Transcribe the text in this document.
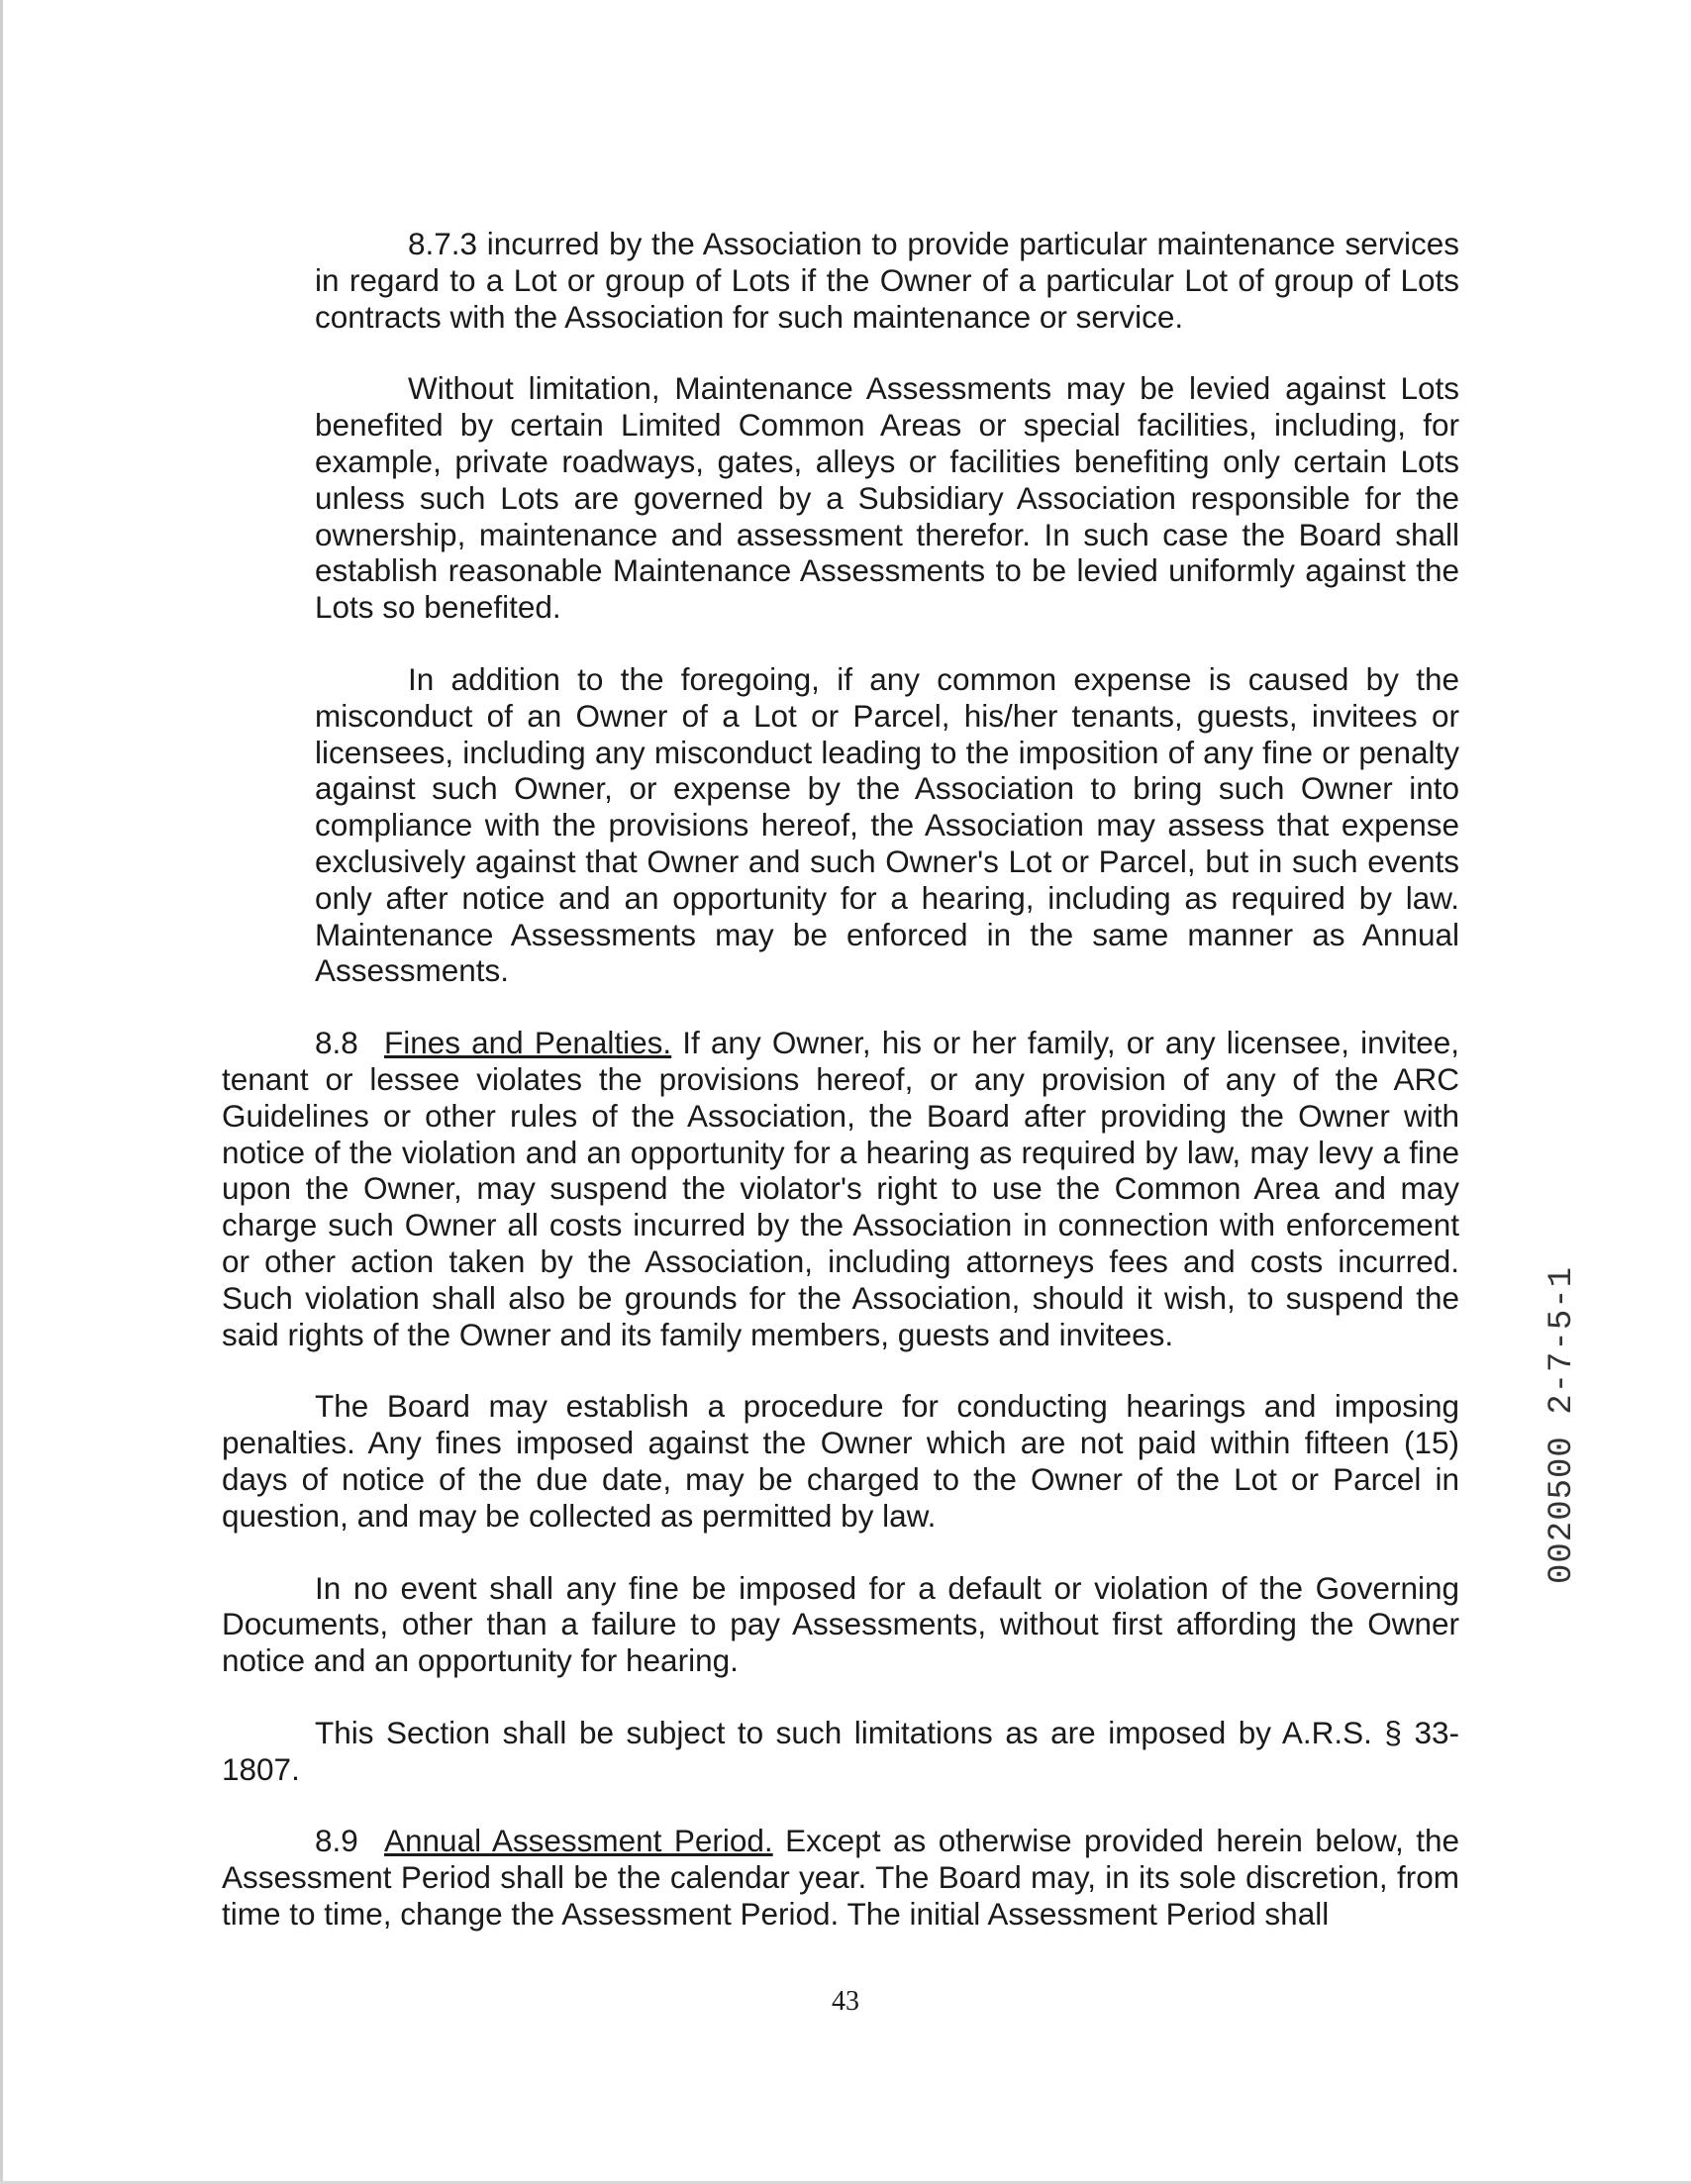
8.7.3 incurred by the Association to provide particular maintenance services in regard to a Lot or group of Lots if the Owner of a particular Lot of group of Lots contracts with the Association for such maintenance or service.

Without limitation, Maintenance Assessments may be levied against Lots benefited by certain Limited Common Areas or special facilities, including, for example, private roadways, gates, alleys or facilities benefiting only certain Lots unless such Lots are governed by a Subsidiary Association responsible for the ownership, maintenance and assessment therefor. In such case the Board shall establish reasonable Maintenance Assessments to be levied uniformly against the Lots so benefited.

In addition to the foregoing, if any common expense is caused by the misconduct of an Owner of a Lot or Parcel, his/her tenants, guests, invitees or licensees, including any misconduct leading to the imposition of any fine or penalty against such Owner, or expense by the Association to bring such Owner into compliance with the provisions hereof, the Association may assess that expense exclusively against that Owner and such Owner's Lot or Parcel, but in such events only after notice and an opportunity for a hearing, including as required by law. Maintenance Assessments may be enforced in the same manner as Annual Assessments.

8.8 Fines and Penalties. If any Owner, his or her family, or any licensee, invitee, tenant or lessee violates the provisions hereof, or any provision of any of the ARC Guidelines or other rules of the Association, the Board after providing the Owner with notice of the violation and an opportunity for a hearing as required by law, may levy a fine upon the Owner, may suspend the violator's right to use the Common Area and may charge such Owner all costs incurred by the Association in connection with enforcement or other action taken by the Association, including attorneys fees and costs incurred. Such violation shall also be grounds for the Association, should it wish, to suspend the said rights of the Owner and its family members, guests and invitees.

The Board may establish a procedure for conducting hearings and imposing penalties. Any fines imposed against the Owner which are not paid within fifteen (15) days of notice of the due date, may be charged to the Owner of the Lot or Parcel in question, and may be collected as permitted by law.

In no event shall any fine be imposed for a default or violation of the Governing Documents, other than a failure to pay Assessments, without first affording the Owner notice and an opportunity for hearing.

This Section shall be subject to such limitations as are imposed by A.R.S. § 33-1807.

8.9 Annual Assessment Period. Except as otherwise provided herein below, the Assessment Period shall be the calendar year. The Board may, in its sole discretion, from time to time, change the Assessment Period. The initial Assessment Period shall

43
0020500 2-7-5-1
